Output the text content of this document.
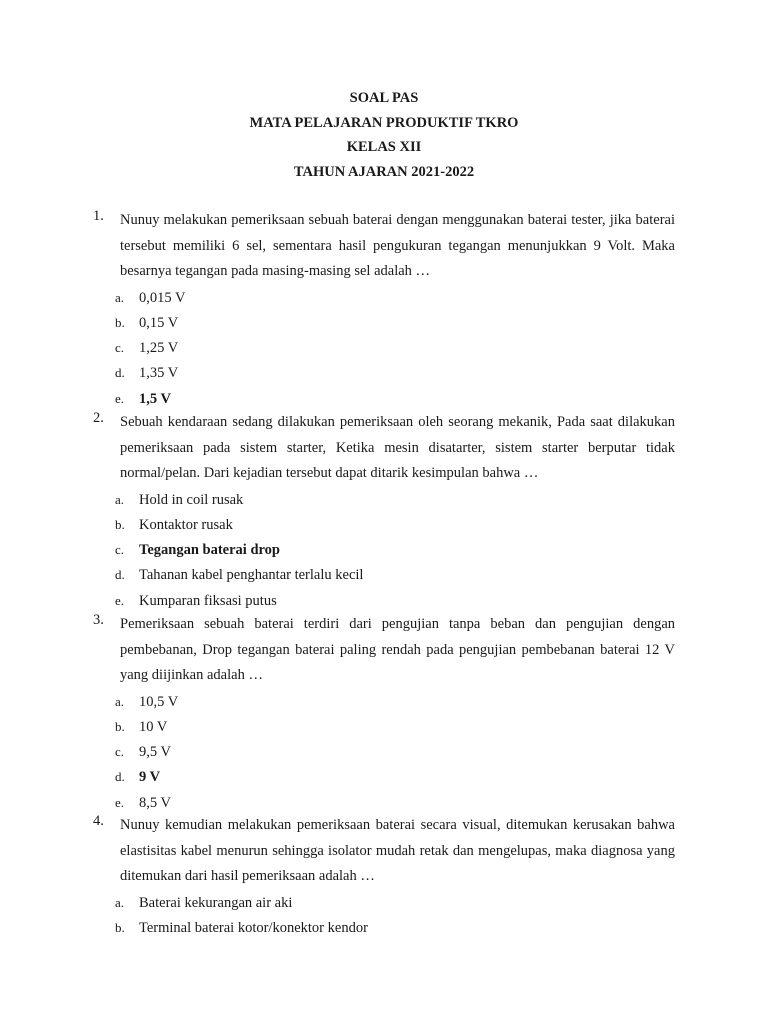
SOAL PAS
MATA PELAJARAN PRODUKTIF TKRO
KELAS XII
TAHUN AJARAN 2021-2022
1. Nunuy melakukan pemeriksaan sebuah baterai dengan menggunakan baterai tester, jika baterai tersebut memiliki 6 sel, sementara hasil pengukuran tegangan menunjukkan 9 Volt. Maka besarnya tegangan pada masing-masing sel adalah …
a. 0,015 V
b. 0,15 V
c. 1,25 V
d. 1,35 V
e. 1,5 V
2. Sebuah kendaraan sedang dilakukan pemeriksaan oleh seorang mekanik, Pada saat dilakukan pemeriksaan pada sistem starter, Ketika mesin disatarter, sistem starter berputar tidak normal/pelan. Dari kejadian tersebut dapat ditarik kesimpulan bahwa …
a. Hold in coil rusak
b. Kontaktor rusak
c. Tegangan baterai drop
d. Tahanan kabel penghantar terlalu kecil
e. Kumparan fiksasi putus
3. Pemeriksaan sebuah baterai terdiri dari pengujian tanpa beban dan pengujian dengan pembebanan, Drop tegangan baterai paling rendah pada pengujian pembebanan baterai 12 V yang diijinkan adalah …
a. 10,5 V
b. 10 V
c. 9,5 V
d. 9 V
e. 8,5 V
4. Nunuy kemudian melakukan pemeriksaan baterai secara visual, ditemukan kerusakan bahwa elastisitas kabel menurun sehingga isolator mudah retak dan mengelupas, maka diagnosa yang ditemukan dari hasil pemeriksaan adalah …
a. Baterai kekurangan air aki
b. Terminal baterai kotor/konektor kendor
